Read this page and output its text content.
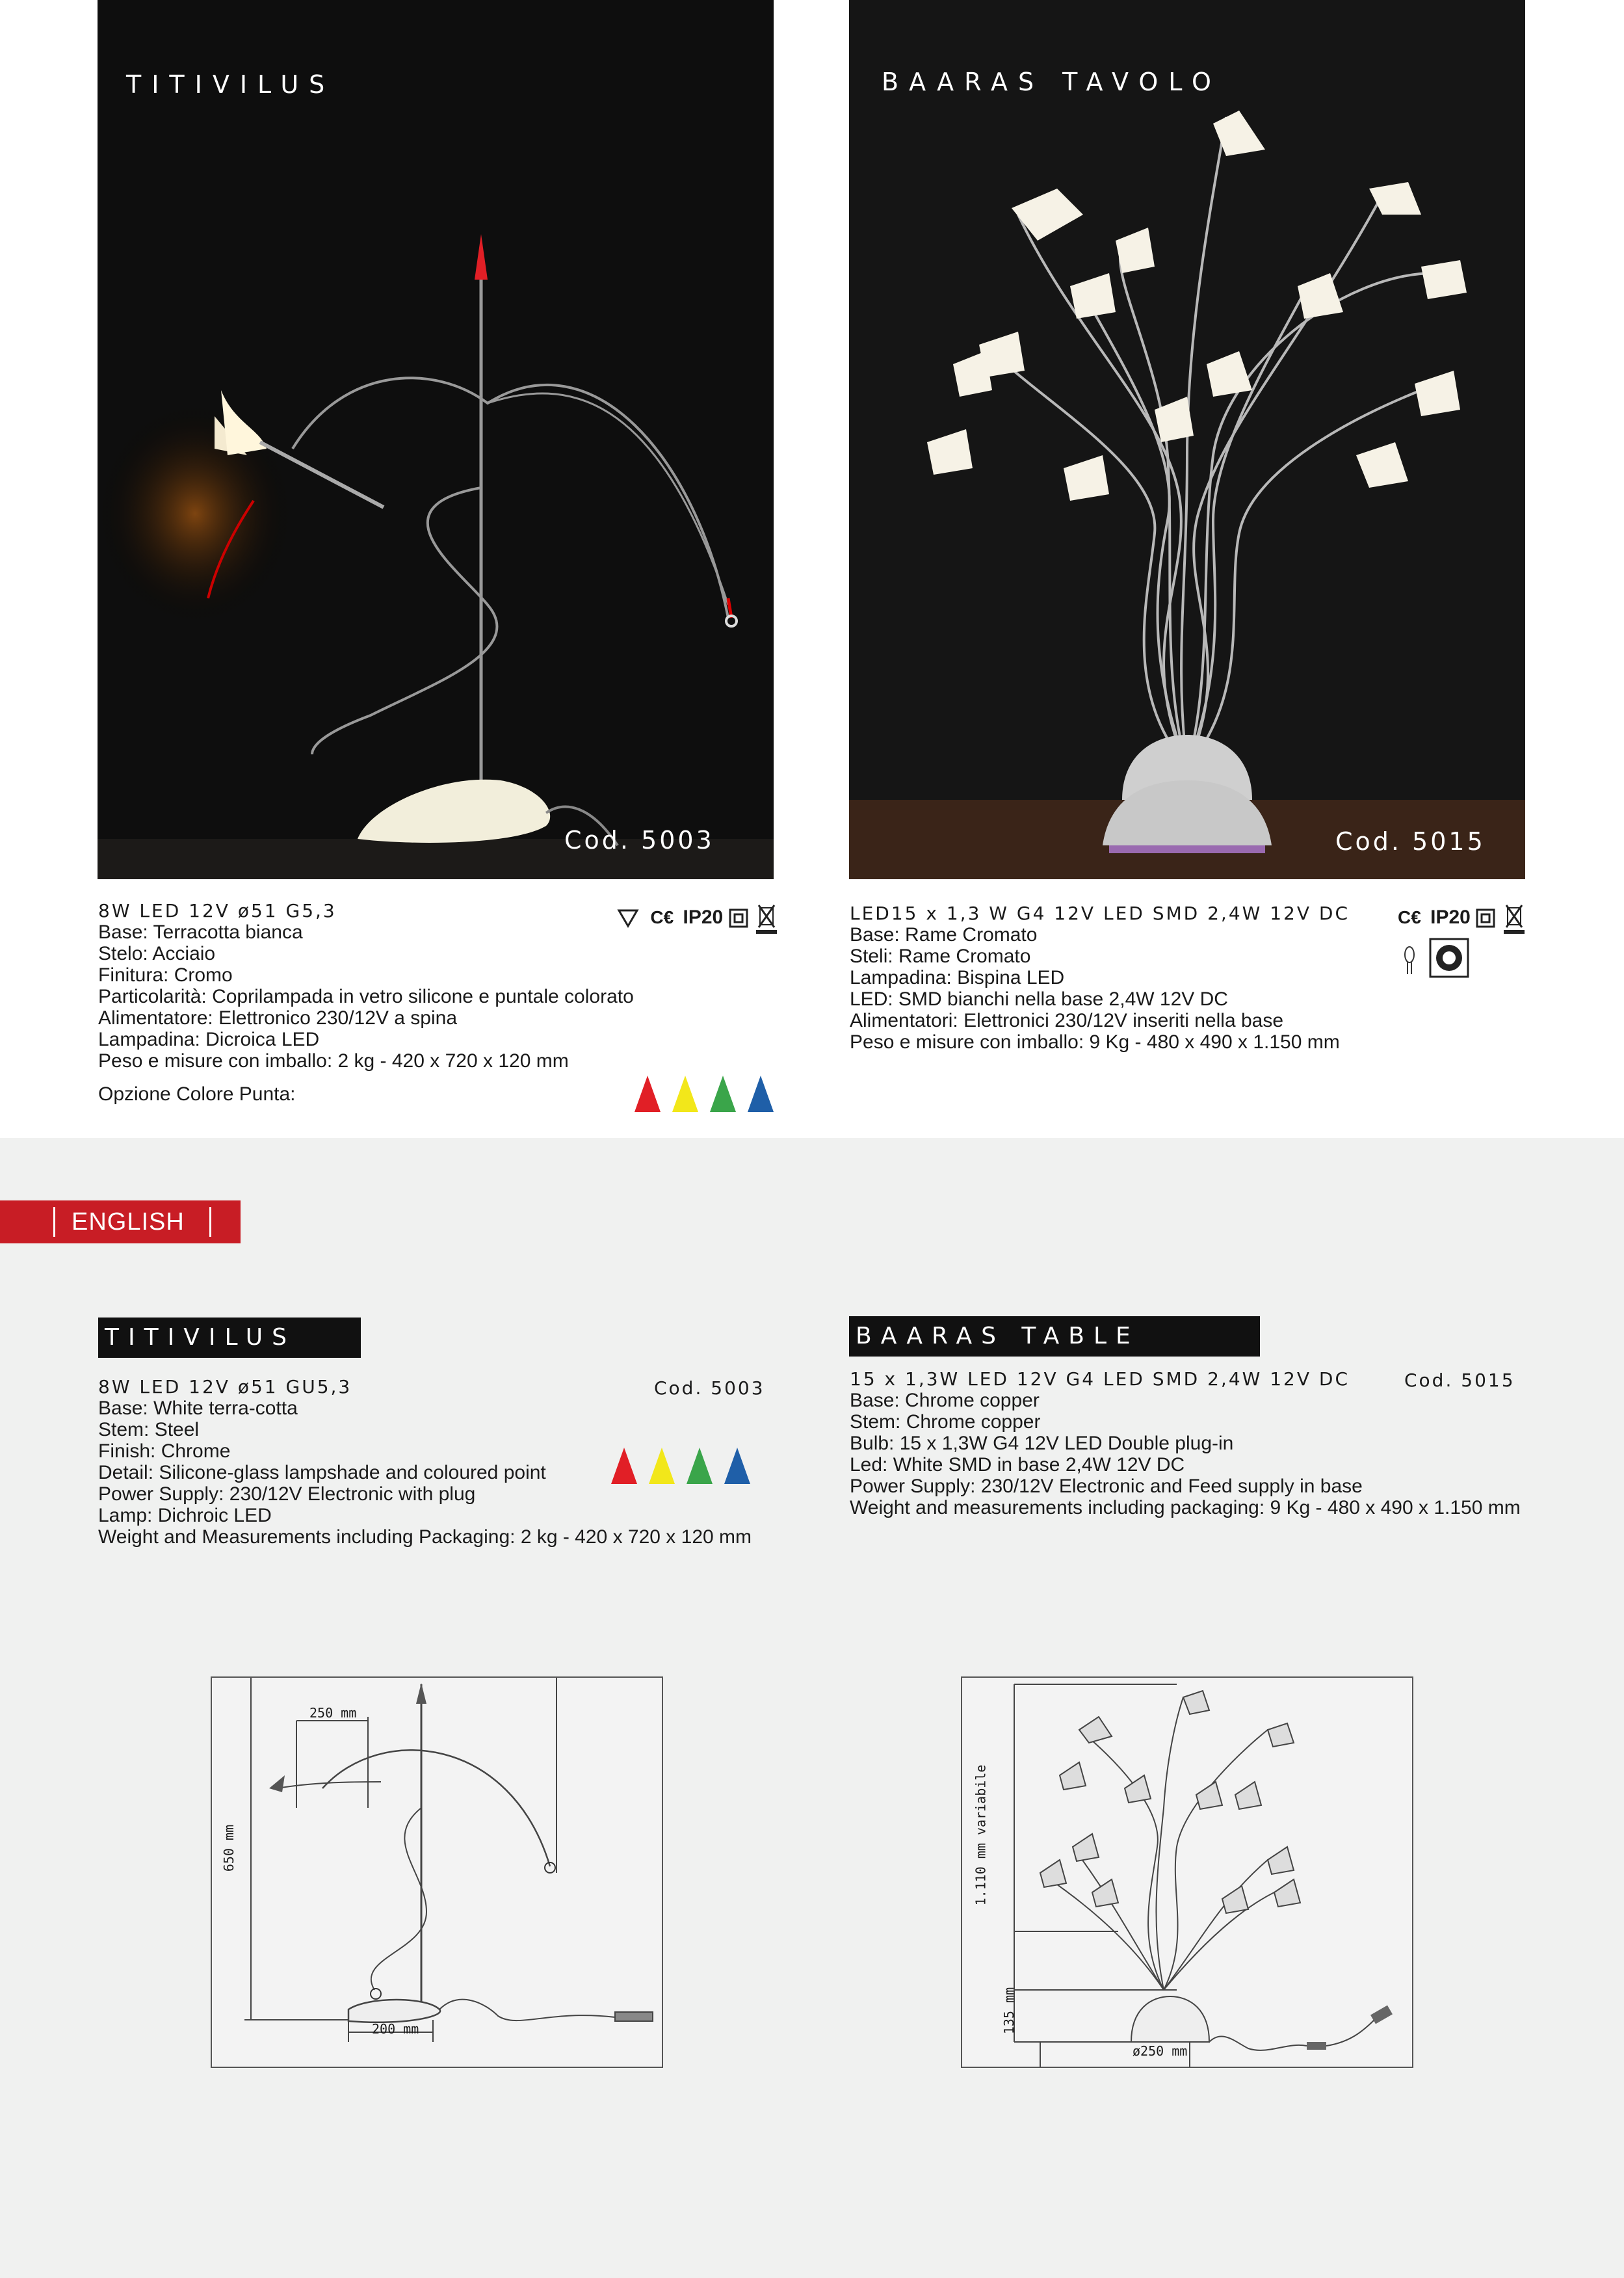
TITIVILUS
Cod. 5003
BAARAS TAVOLO
Cod. 5015
8W LED 12V ø51 G5,3
Base: Terracotta bianca
Stelo: Acciaio
Finitura: Cromo
Particolarità: Coprilampada in vetro silicone e puntale colorato
Alimentatore: Elettronico 230/12V a spina
Lampadina: Dicroica LED
Peso e misure con imballo: 2 kg - 420 x 720 x 120 mm
Opzione Colore Punta:
C€ IP20	LED15 x 1,3 W G4 12V LED SMD 2,4W 12V DC
Base: Rame Cromato
Steli: Rame Cromato
Lampadina: Bispina LED
LED: SMD bianchi nella base 2,4W 12V DC
Alimentatori: Elettronici 230/12V inseriti nella base
Peso e misure con imballo: 9 Kg - 480 x 490 x 1.150 mm
C€ IP20
ENGLISH
TITIVILUS
8W LED 12V ø51 GU5,3
Base: White terra-cotta
Stem: Steel
Finish: Chrome
Detail: Silicone-glass lampshade and coloured point
Power Supply: 230/12V Electronic with plug
Lamp: Dichroic LED
Weight and Measurements including Packaging: 2 kg - 420 x 720 x 120 mm
Cod. 5003
BAARAS TABLE
15 x 1,3W LED 12V G4 LED SMD 2,4W 12V DC
Base: Chrome copper
Stem: Chrome copper
Bulb: 15 x 1,3W G4 12V LED Double plug-in
Led: White SMD in base 2,4W 12V DC
Power Supply: 230/12V Electronic and Feed supply in base
Weight and measurements including packaging: 9 Kg - 480 x 490 x 1.150 mm
Cod. 5015
250 mm
650 mm
200 mm
1.110 mm variabile
135 mm
ø250 mm
